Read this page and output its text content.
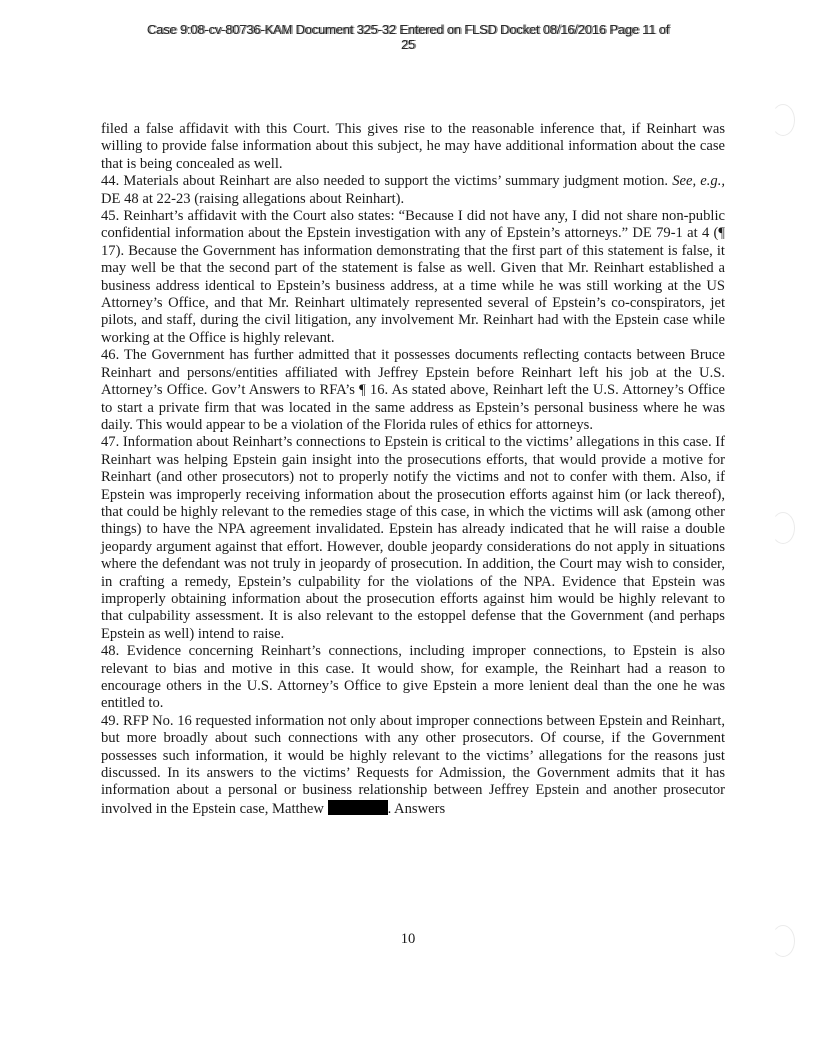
Case 9:08-cv-80736-KAM Document 325-32 Entered on FLSD Docket 08/16/2016 Page 11 of
25

filed a false affidavit with this Court. This gives rise to the reasonable inference that, if Reinhart was willing to provide false information about this subject, he may have additional information about the case that is being concealed as well.

44. Materials about Reinhart are also needed to support the victims’ summary judgment motion. See, e.g., DE 48 at 22-23 (raising allegations about Reinhart).

45. Reinhart’s affidavit with the Court also states: “Because I did not have any, I did not share non-public confidential information about the Epstein investigation with any of Epstein’s attorneys.” DE 79-1 at 4 (¶ 17). Because the Government has information demonstrating that the first part of this statement is false, it may well be that the second part of the statement is false as well. Given that Mr. Reinhart established a business address identical to Epstein’s business address, at a time while he was still working at the US Attorney’s Office, and that Mr. Reinhart ultimately represented several of Epstein’s co-conspirators, jet pilots, and staff, during the civil litigation, any involvement Mr. Reinhart had with the Epstein case while working at the Office is highly relevant.

46. The Government has further admitted that it possesses documents reflecting contacts between Bruce Reinhart and persons/entities affiliated with Jeffrey Epstein before Reinhart left his job at the U.S. Attorney’s Office. Gov’t Answers to RFA’s ¶ 16. As stated above, Reinhart left the U.S. Attorney’s Office to start a private firm that was located in the same address as Epstein’s personal business where he was daily. This would appear to be a violation of the Florida rules of ethics for attorneys.

47. Information about Reinhart’s connections to Epstein is critical to the victims’ allegations in this case. If Reinhart was helping Epstein gain insight into the prosecutions efforts, that would provide a motive for Reinhart (and other prosecutors) not to properly notify the victims and not to confer with them. Also, if Epstein was improperly receiving information about the prosecution efforts against him (or lack thereof), that could be highly relevant to the remedies stage of this case, in which the victims will ask (among other things) to have the NPA agreement invalidated. Epstein has already indicated that he will raise a double jeopardy argument against that effort. However, double jeopardy considerations do not apply in situations where the defendant was not truly in jeopardy of prosecution. In addition, the Court may wish to consider, in crafting a remedy, Epstein’s culpability for the violations of the NPA. Evidence that Epstein was improperly obtaining information about the prosecution efforts against him would be highly relevant to that culpability assessment. It is also relevant to the estoppel defense that the Government (and perhaps Epstein as well) intend to raise.

48. Evidence concerning Reinhart’s connections, including improper connections, to Epstein is also relevant to bias and motive in this case. It would show, for example, the Reinhart had a reason to encourage others in the U.S. Attorney’s Office to give Epstein a more lenient deal than the one he was entitled to.

49. RFP No. 16 requested information not only about improper connections between Epstein and Reinhart, but more broadly about such connections with any other prosecutors. Of course, if the Government possesses such information, it would be highly relevant to the victims’ allegations for the reasons just discussed. In its answers to the victims’ Requests for Admission, the Government admits that it has information about a personal or business relationship between Jeffrey Epstein and another prosecutor involved in the Epstein case, Matthew	. Answers

10
